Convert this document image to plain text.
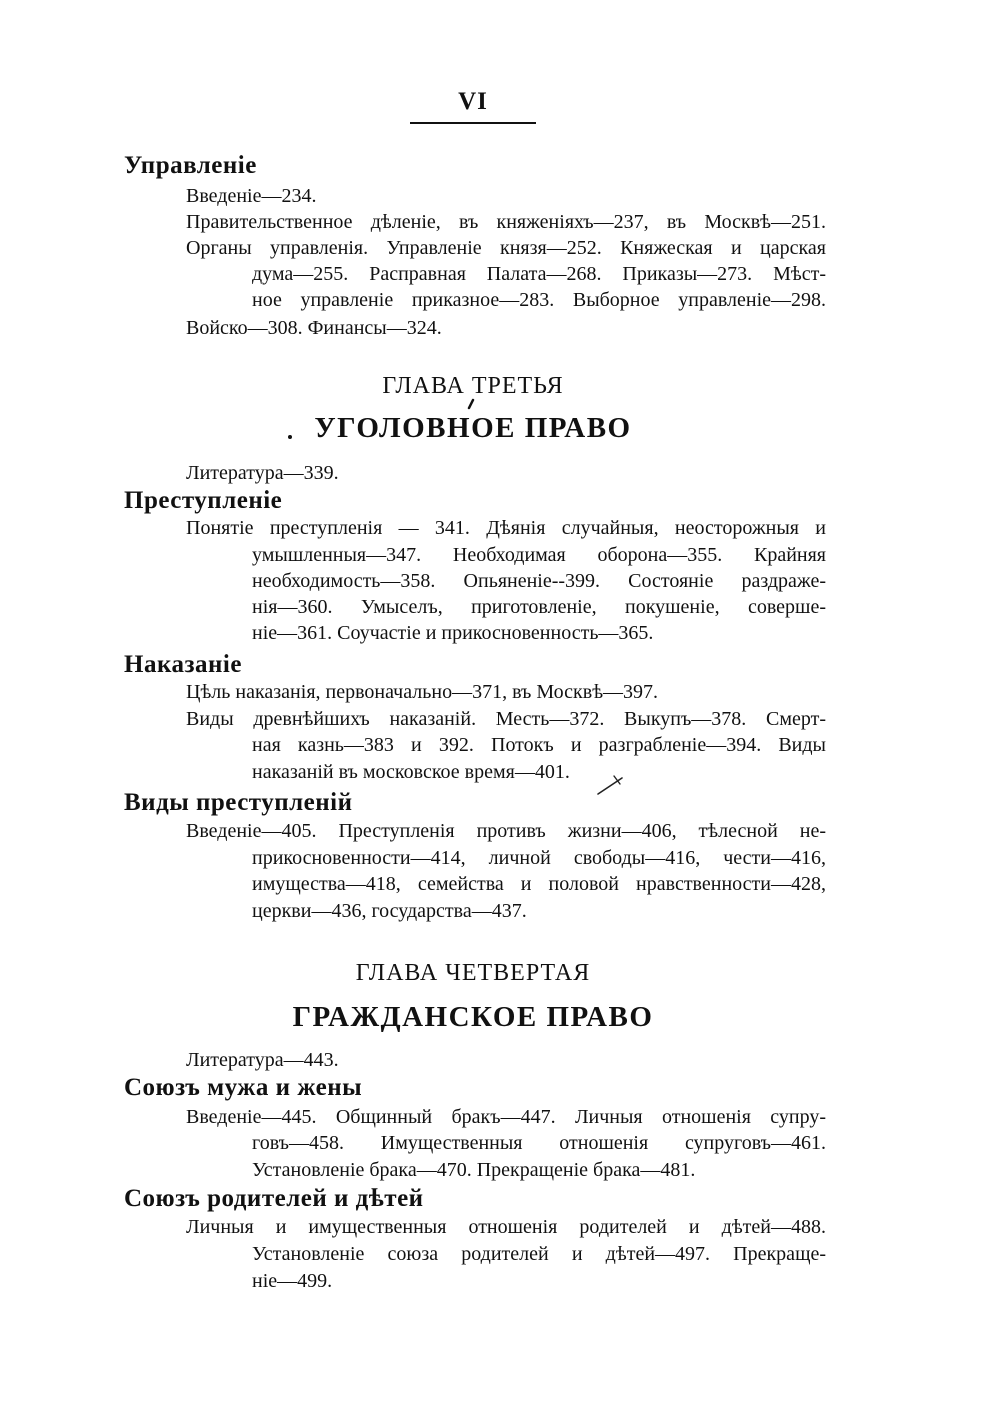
VI
Управленіе
Введеніе—234.
Правительственное дѣленіе, въ княженіяхъ—237, въ Москвѣ—251.
Органы управленія. Управленіе князя—252. Княжеская и царская
дума—255. Расправная Палата—268. Приказы—273. Мѣст-
ное управленіе приказное—283. Выборное управленіе—298.
Войско—308. Финансы—324.
ГЛАВА ТРЕТЬЯ
УГОЛОВНОЕ ПРАВО
Литература—339.
Преступленіе
Понятіе преступленія — 341. Дѣянія случайныя, неосторожныя и
умышленныя—347. Необходимая оборона—355. Крайняя
необходимость—358. Опьяненіе--399. Состояніе раздраже-
нія—360. Умыселъ, приготовленіе, покушеніе, соверше-
ніе—361. Соучастіе и прикосновенность—365.
Наказаніе
Цѣль наказанія, первоначально—371, въ Москвѣ—397.
Виды древнѣйшихъ наказаній. Месть—372. Выкупъ—378. Смерт-
ная казнь—383 и 392. Потокъ и разграбленіе—394. Виды
наказаній въ московское время—401.
Виды преступленій
Введеніе—405. Преступленія противъ жизни—406, тѣлесной не-
прикосновенности—414, личной свободы—416, чести—416,
имущества—418, семейства и половой нравственности—428,
церкви—436, государства—437.
ГЛАВА ЧЕТВЕРТАЯ
ГРАЖДАНСКОЕ ПРАВО
Литература—443.
Союзъ мужа и жены
Введеніе—445. Общинный бракъ—447. Личныя отношенія супру-
говъ—458. Имущественныя отношенія супруговъ—461.
Установленіе брака—470. Прекращеніе брака—481.
Союзъ родителей и дѣтей
Личныя и имущественныя отношенія родителей и дѣтей—488.
Установленіе союза родителей и дѣтей—497. Прекраще-
ніе—499.
